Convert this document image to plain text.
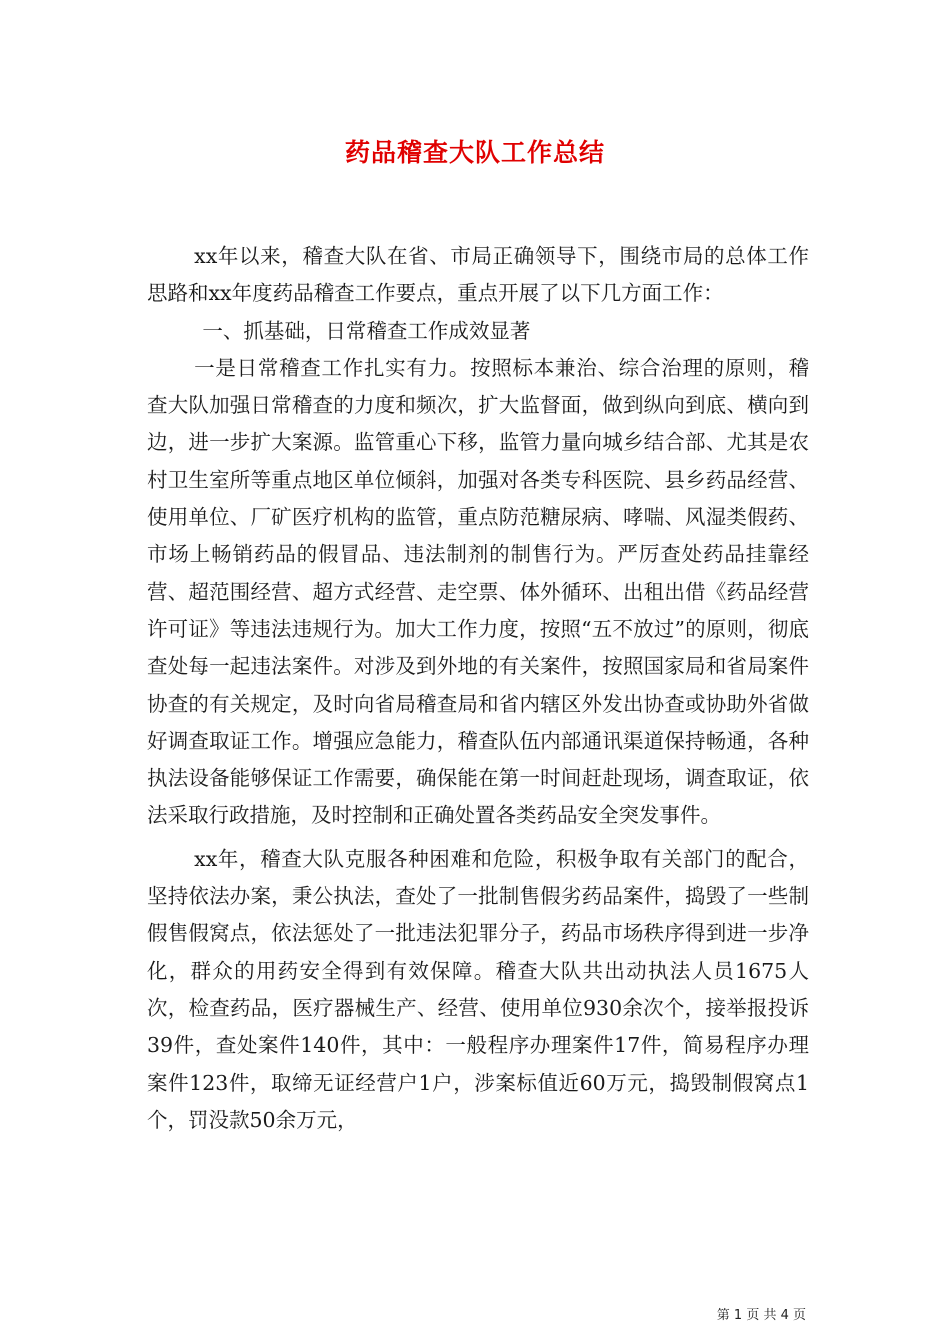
药品稽查大队工作总结

xx年以来，稽查大队在省、市局正确领导下，围绕市局的总体工作思路和xx年度药品稽查工作要点，重点开展了以下几方面工作：

一、抓基础，日常稽查工作成效显著

一是日常稽查工作扎实有力。按照标本兼治、综合治理的原则，稽查大队加强日常稽查的力度和频次，扩大监督面，做到纵向到底、横向到边，进一步扩大案源。监管重心下移，监管力量向城乡结合部、尤其是农村卫生室所等重点地区单位倾斜，加强对各类专科医院、县乡药品经营、使用单位、厂矿医疗机构的监管，重点防范糖尿病、哮喘、风湿类假药、市场上畅销药品的假冒品、违法制剂的制售行为。严厉查处药品挂靠经营、超范围经营、超方式经营、走空票、体外循环、出租出借《药品经营许可证》等违法违规行为。加大工作力度，按照“五不放过”的原则，彻底查处每一起违法案件。对涉及到外地的有关案件，按照国家局和省局案件协查的有关规定，及时向省局稽查局和省内辖区外发出协查或协助外省做好调查取证工作。增强应急能力，稽查队伍内部通讯渠道保持畅通，各种执法设备能够保证工作需要，确保能在第一时间赶赴现场，调查取证，依法采取行政措施，及时控制和正确处置各类药品安全突发事件。

xx年，稽查大队克服各种困难和危险，积极争取有关部门的配合，坚持依法办案，秉公执法，查处了一批制售假劣药品案件，捣毁了一些制假售假窝点，依法惩处了一批违法犯罪分子，药品市场秩序得到进一步净化，群众的用药安全得到有效保障。稽查大队共出动执法人员1675人次，检查药品，医疗器械生产、经营、使用单位930余次个，接举报投诉39件，查处案件140件，其中：一般程序办理案件17件，简易程序办理案件123件，取缔无证经营户1户，涉案标值近60万元，捣毁制假窝点1个，罚没款50余万元，

第 1 页 共 4 页
